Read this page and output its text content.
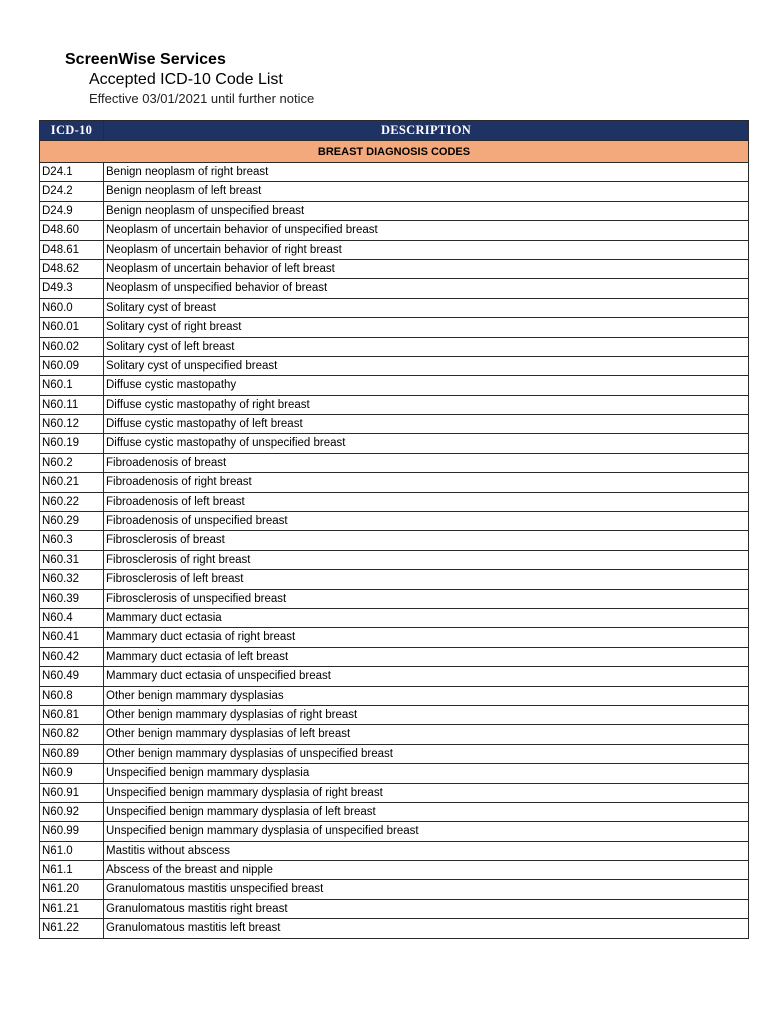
ScreenWise Services
Accepted ICD-10 Code List
Effective 03/01/2021 until further notice
ICD-10	DESCRIPTION
BREAST DIAGNOSIS CODES	
D24.1	Benign neoplasm of right breast
D24.2	Benign neoplasm of left breast
D24.9	Benign neoplasm of unspecified breast
D48.60	Neoplasm of uncertain behavior of unspecified breast
D48.61	Neoplasm of uncertain behavior of right breast
D48.62	Neoplasm of uncertain behavior of left breast
D49.3	Neoplasm of unspecified behavior of breast
N60.0	Solitary cyst of breast
N60.01	Solitary cyst of right breast
N60.02	Solitary cyst of left breast
N60.09	Solitary cyst of unspecified breast
N60.1	Diffuse cystic mastopathy
N60.11	Diffuse cystic mastopathy of right breast
N60.12	Diffuse cystic mastopathy of left breast
N60.19	Diffuse cystic mastopathy of unspecified breast
N60.2	Fibroadenosis of breast
N60.21	Fibroadenosis of right breast
N60.22	Fibroadenosis of left breast
N60.29	Fibroadenosis of unspecified breast
N60.3	Fibrosclerosis of breast
N60.31	Fibrosclerosis of right breast
N60.32	Fibrosclerosis of left breast
N60.39	Fibrosclerosis of unspecified breast
N60.4	Mammary duct ectasia
N60.41	Mammary duct ectasia of right breast
N60.42	Mammary duct ectasia of left breast
N60.49	Mammary duct ectasia of unspecified breast
N60.8	Other benign mammary dysplasias
N60.81	Other benign mammary dysplasias of right breast
N60.82	Other benign mammary dysplasias of left breast
N60.89	Other benign mammary dysplasias of unspecified breast
N60.9	Unspecified benign mammary dysplasia
N60.91	Unspecified benign mammary dysplasia of right breast
N60.92	Unspecified benign mammary dysplasia of left breast
N60.99	Unspecified benign mammary dysplasia of unspecified breast
N61.0	Mastitis without abscess
N61.1	Abscess of the breast and nipple
N61.20	Granulomatous mastitis unspecified breast
N61.21	Granulomatous mastitis right breast
N61.22	Granulomatous mastitis left breast
